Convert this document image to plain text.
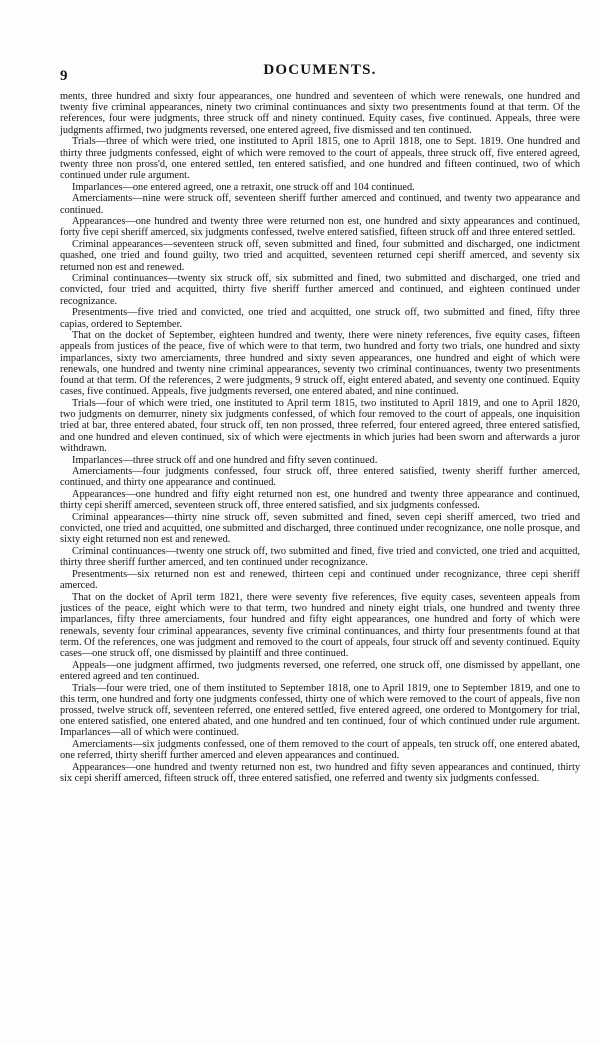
9	DOCUMENTS.

ments, three hundred and sixty four appearances, one hundred and seventeen of which were renewals, one hundred and twenty five criminal appearances, ninety two criminal continuances and sixty two presentments found at that term. Of the references, four were judgments, three struck off and ninety continued. Equity cases, five continued. Appeals, three were judgments affirmed, two judgments reversed, one entered agreed, five dismissed and ten continued.

Trials—three of which were tried, one instituted to April 1815, one to April 1818, one to Sept. 1819. One hundred and thirty three judgments confessed, eight of which were removed to the court of appeals, three struck off, five entered agreed, twenty three non pross'd, one entered settled, ten entered satisfied, and one hundred and fifteen continued, two of which continued under rule argument.

Imparlances—one entered agreed, one a retraxit, one struck off and 104 continued.

Amerciaments—nine were struck off, seventeen sheriff further amerced and continued, and twenty two appearance and continued.

Appearances—one hundred and twenty three were returned non est, one hundred and sixty appearances and continued, forty five cepi sheriff amerced, six judgments confessed, twelve entered satisfied, fifteen struck off and three entered settled.

Criminal appearances—seventeen struck off, seven submitted and fined, four submitted and discharged, one indictment quashed, one tried and found guilty, two tried and acquitted, seventeen returned cepi sheriff amerced, and seventy six returned non est and renewed.

Criminal continuances—twenty six struck off, six submitted and fined, two submitted and discharged, one tried and convicted, four tried and acquitted, thirty five sheriff further amerced and continued, and eighteen continued under recognizance.

Presentments—five tried and convicted, one tried and acquitted, one struck off, two submitted and fined, fifty three capias, ordered to September.

That on the docket of September, eighteen hundred and twenty, there were ninety references, five equity cases, fifteen appeals from justices of the peace, five of which were to that term, two hundred and forty two trials, one hundred and sixty imparlances, sixty two amerciaments, three hundred and sixty seven appearances, one hundred and eight of which were renewals, one hundred and twenty nine criminal appearances, seventy two criminal continuances, twenty two presentments found at that term. Of the references, 2 were judgments, 9 struck off, eight entered abated, and seventy one continued. Equity cases, five continued. Appeals, five judgments reversed, one entered abated, and nine continued.

Trials—four of which were tried, one instituted to April term 1815, two instituted to April 1819, and one to April 1820, two judgments on demurrer, ninety six judgments confessed, of which four removed to the court of appeals, one inquisition tried at bar, three entered abated, four struck off, ten non prossed, three referred, four entered agreed, three entered satisfied, and one hundred and eleven continued, six of which were ejectments in which juries had been sworn and afterwards a juror withdrawn.

Imparlances—three struck off and one hundred and fifty seven continued.

Amerciaments—four judgments confessed, four struck off, three entered satisfied, twenty sheriff further amerced, continued, and thirty one appearance and continued.

Appearances—one hundred and fifty eight returned non est, one hundred and twenty three appearance and continued, thirty cepi sheriff amerced, seventeen struck off, three entered satisfied, and six judgments confessed.

Criminal appearances—thirty nine struck off, seven submitted and fined, seven cepi sheriff amerced, two tried and convicted, one tried and acquitted, one submitted and discharged, three continued under recognizance, one nolle prosque, and sixty eight returned non est and renewed.

Criminal continuances—twenty one struck off, two submitted and fined, five tried and convicted, one tried and acquitted, thirty three sheriff further amerced, and ten continued under recognizance.

Presentments—six returned non est and renewed, thirteen cepi and continued under recognizance, three cepi sheriff amerced.

That on the docket of April term 1821, there were seventy five references, five equity cases, seventeen appeals from justices of the peace, eight which were to that term, two hundred and ninety eight trials, one hundred and twenty three imparlances, fifty three amerciaments, four hundred and fifty eight appearances, one hundred and forty of which were renewals, seventy four criminal appearances, seventy five criminal continuances, and thirty four presentments found at that term. Of the references, one was judgment and removed to the court of appeals, four struck off and seventy continued. Equity cases—one struck off, one dismissed by plaintiff and three continued.

Appeals—one judgment affirmed, two judgments reversed, one referred, one struck off, one dismissed by appellant, one entered agreed and ten continued.

Trials—four were tried, one of them instituted to September 1818, one to April 1819, one to September 1819, and one to this term, one hundred and forty one judgments confessed, thirty one of which were removed to the court of appeals, five non prossed, twelve struck off, seventeen referred, one entered settled, five entered agreed, one ordered to Montgomery for trial, one entered satisfied, one entered abated, and one hundred and ten continued, four of which continued under rule argument. Imparlances—all of which were continued.

Amerciaments—six judgments confessed, one of them removed to the court of appeals, ten struck off, one entered abated, one referred, thirty sheriff further amerced and eleven appearances and continued.

Appearances—one hundred and twenty returned non est, two hundred and fifty seven appearances and continued, thirty six cepi sheriff amerced, fifteen struck off, three entered satisfied, one referred and twenty six judgments confessed.
